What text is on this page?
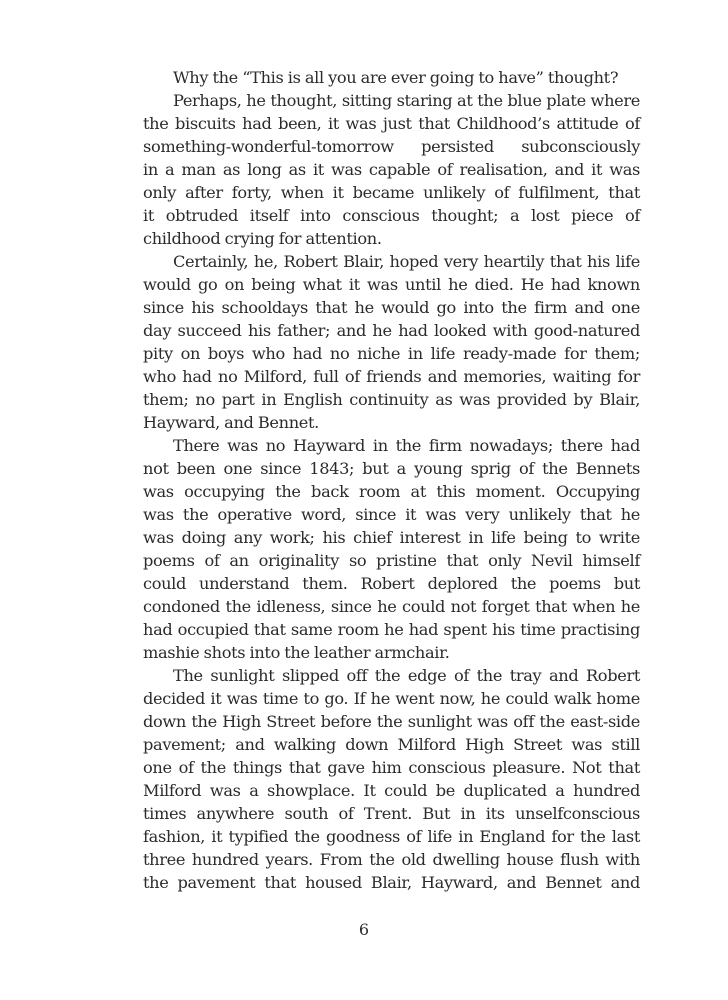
Why the “This is all you are ever going to have” thought?
Perhaps, he thought, sitting staring at the blue plate where
the biscuits had been, it was just that Childhood’s attitude of
something-wonderful-tomorrow persisted subconsciously
in a man as long as it was capable of realisation, and it was
only after forty, when it became unlikely of fulfilment, that
it obtruded itself into conscious thought; a lost piece of
childhood crying for attention.
Certainly, he, Robert Blair, hoped very heartily that his life
would go on being what it was until he died. He had known
since his schooldays that he would go into the firm and one
day succeed his father; and he had looked with good-natured
pity on boys who had no niche in life ready-made for them;
who had no Milford, full of friends and memories, waiting for
them; no part in English continuity as was provided by Blair,
Hayward, and Bennet.
There was no Hayward in the firm nowadays; there had
not been one since 1843; but a young sprig of the Bennets
was occupying the back room at this moment. Occupying
was the operative word, since it was very unlikely that he
was doing any work; his chief interest in life being to write
poems of an originality so pristine that only Nevil himself
could understand them. Robert deplored the poems but
condoned the idleness, since he could not forget that when he
had occupied that same room he had spent his time practising
mashie shots into the leather armchair.
The sunlight slipped off the edge of the tray and Robert
decided it was time to go. If he went now, he could walk home
down the High Street before the sunlight was off the east-side
pavement; and walking down Milford High Street was still
one of the things that gave him conscious pleasure. Not that
Milford was a showplace. It could be duplicated a hundred
times anywhere south of Trent. But in its unselfconscious
fashion, it typified the goodness of life in England for the last
three hundred years. From the old dwelling house flush with
the pavement that housed Blair, Hayward, and Bennet and
6
